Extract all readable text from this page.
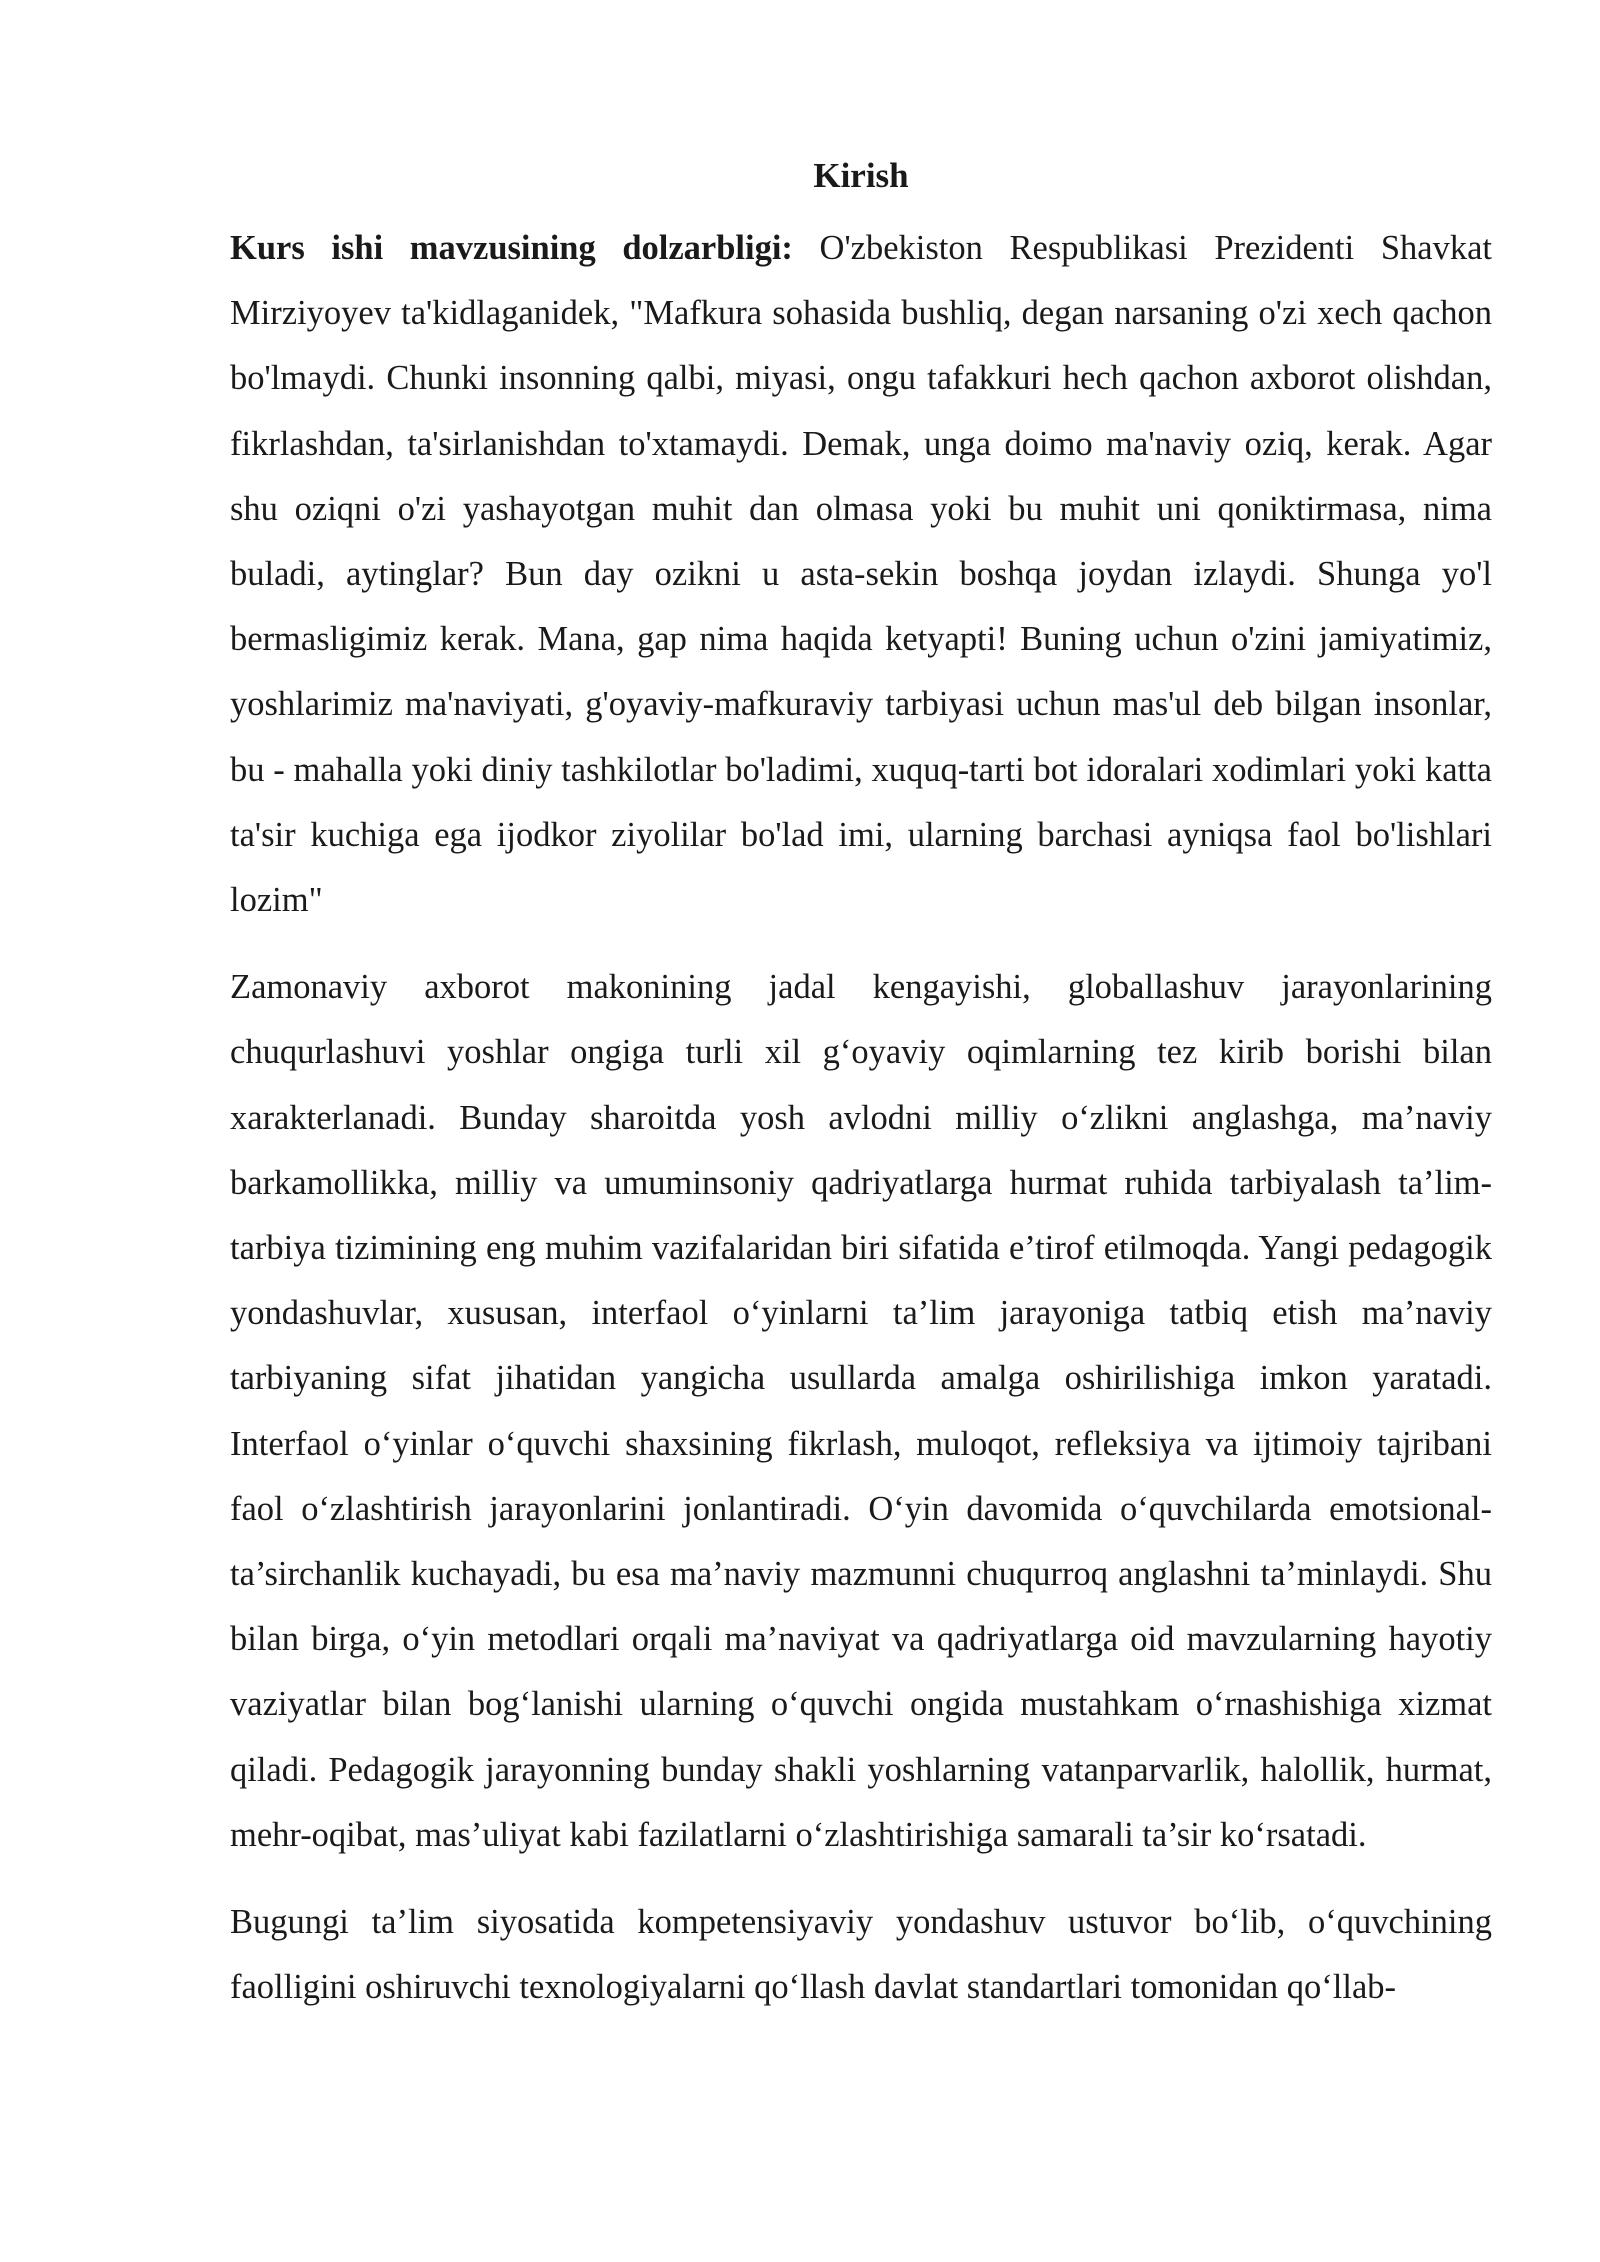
Kirish

Kurs ishi mavzusining dolzarbligi: O'zbekiston Respublikasi Prezidenti Shavkat Mirziyoyev ta'kidlaganidek, "Mafkura sohasida bushliq, degan narsaning o'zi xech qachon bo'lmaydi. Chunki insonning qalbi, miyasi, ongu tafakkuri hech qachon axborot olishdan, fikrlashdan, ta'sirlanishdan to'xtamaydi. Demak, unga doimo ma'naviy oziq, kerak. Agar shu oziqni o'zi yashayotgan muhit dan olmasa yoki bu muhit uni qoniktirmasa, nima buladi, aytinglar? Bun day ozikni u asta-sekin boshqa joydan izlaydi. Shunga yo'l bermasligimiz kerak. Mana, gap nima haqida ketyapti! Buning uchun o'zini jamiyatimiz, yoshlarimiz ma'naviyati, g'oyaviy-mafkuraviy tarbiyasi uchun mas'ul deb bilgan insonlar, bu - mahalla yoki diniy tashkilotlar bo'ladimi, xuquq-tarti bot idoralari xodimlari yoki katta ta'sir kuchiga ega ijodkor ziyolilar bo'lad imi, ularning barchasi ayniqsa faol bo'lishlari lozim"

Zamonaviy axborot makonining jadal kengayishi, globallashuv jarayonlarining chuqurlashuvi yoshlar ongiga turli xil g‘oyaviy oqimlarning tez kirib borishi bilan xarakterlanadi. Bunday sharoitda yosh avlodni milliy o‘zlikni anglashga, ma’naviy barkamollikka, milliy va umuminsoniy qadriyatlarga hurmat ruhida tarbiyalash ta’lim-tarbiya tizimining eng muhim vazifalaridan biri sifatida e’tirof etilmoqda. Yangi pedagogik yondashuvlar, xususan, interfaol o‘yinlarni ta’lim jarayoniga tatbiq etish ma’naviy tarbiyaning sifat jihatidan yangicha usullarda amalga oshirilishiga imkon yaratadi. Interfaol o‘yinlar o‘quvchi shaxsining fikrlash, muloqot, refleksiya va ijtimoiy tajribani faol o‘zlashtirish jarayonlarini jonlantiradi. O‘yin davomida o‘quvchilarda emotsional-ta’sirchanlik kuchayadi, bu esa ma’naviy mazmunni chuqurroq anglashni ta’minlaydi. Shu bilan birga, o‘yin metodlari orqali ma’naviyat va qadriyatlarga oid mavzularning hayotiy vaziyatlar bilan bog‘lanishi ularning o‘quvchi ongida mustahkam o‘rnashishiga xizmat qiladi. Pedagogik jarayonning bunday shakli yoshlarning vatanparvarlik, halollik, hurmat, mehr-oqibat, mas’uliyat kabi fazilatlarni o‘zlashtirishiga samarali ta’sir ko‘rsatadi.

Bugungi ta’lim siyosatida kompetensiyaviy yondashuv ustuvor bo‘lib, o‘quvchining faolligini oshiruvchi texnologiyalarni qo‘llash davlat standartlari tomonidan qo‘llab-
